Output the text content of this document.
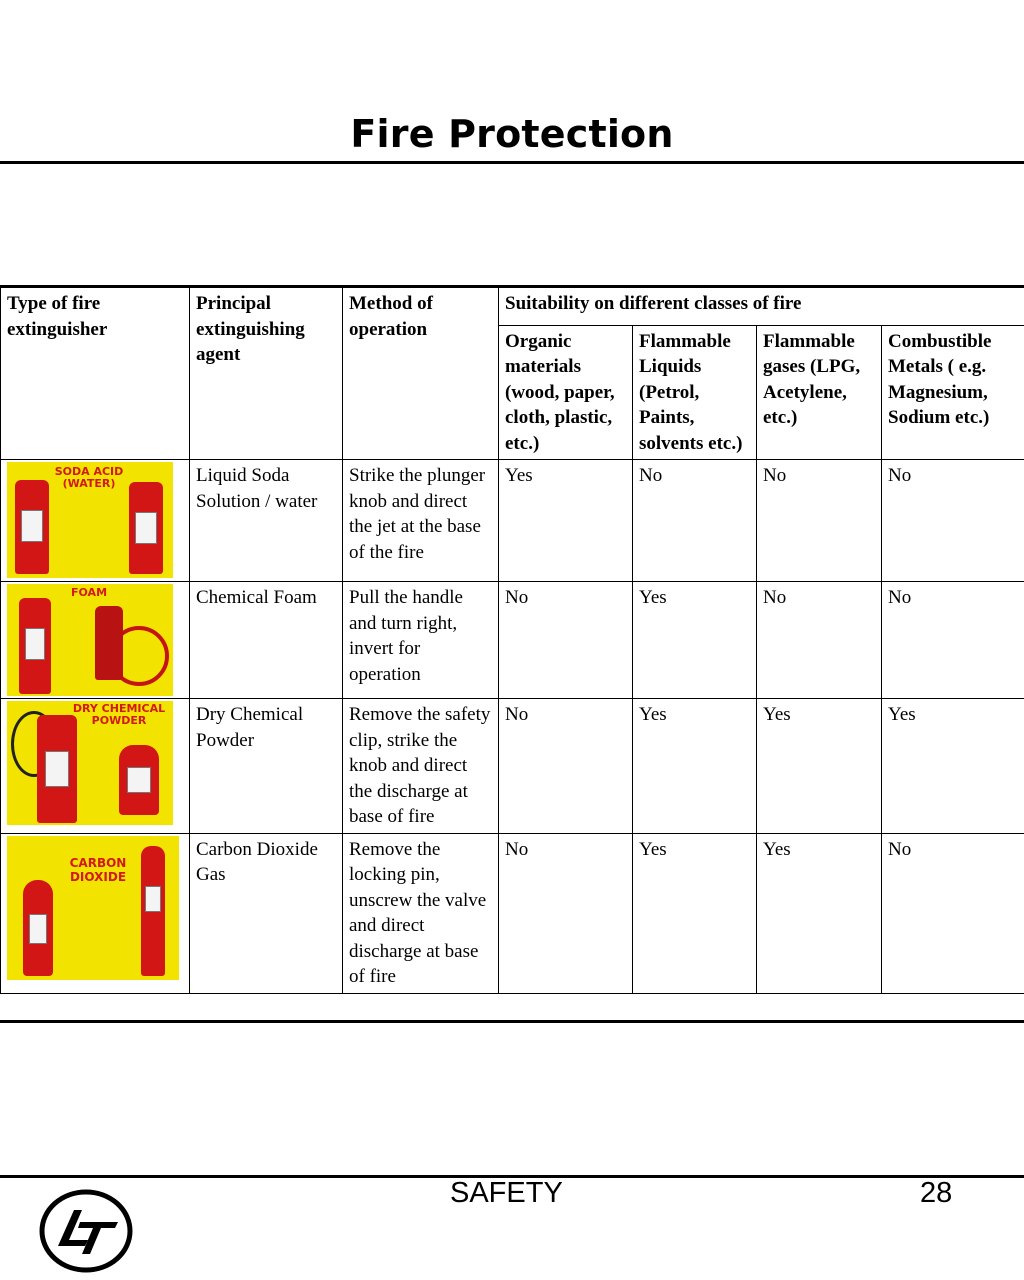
Fire Protection
Type of fire extinguisher	Principal extinguishing agent	Method of operation	Suitability on different classes of fire			
			Organic materials (wood, paper, cloth, plastic, etc.)	Flammable Liquids (Petrol, Paints, solvents etc.)	Flammable gases (LPG, Acetylene, etc.)	Combustible Metals ( e.g. Magnesium, Sodium etc.)

SODA ACID (WATER)	Liquid Soda Solution / water	Strike the plunger knob and direct the jet at the base of the fire	Yes	No	No	No

FOAM	Chemical Foam	Pull the handle and turn right, invert for operation	No	Yes	No	No

DRY CHEMICAL POWDER	Dry Chemical Powder	Remove the safety clip, strike the knob and direct the discharge at base of fire	No	Yes	Yes	Yes

CARBON DIOXIDE	Carbon Dioxide Gas	Remove the locking pin, unscrew the valve and direct discharge at base of fire	No	Yes	Yes	No
SAFETY	28
